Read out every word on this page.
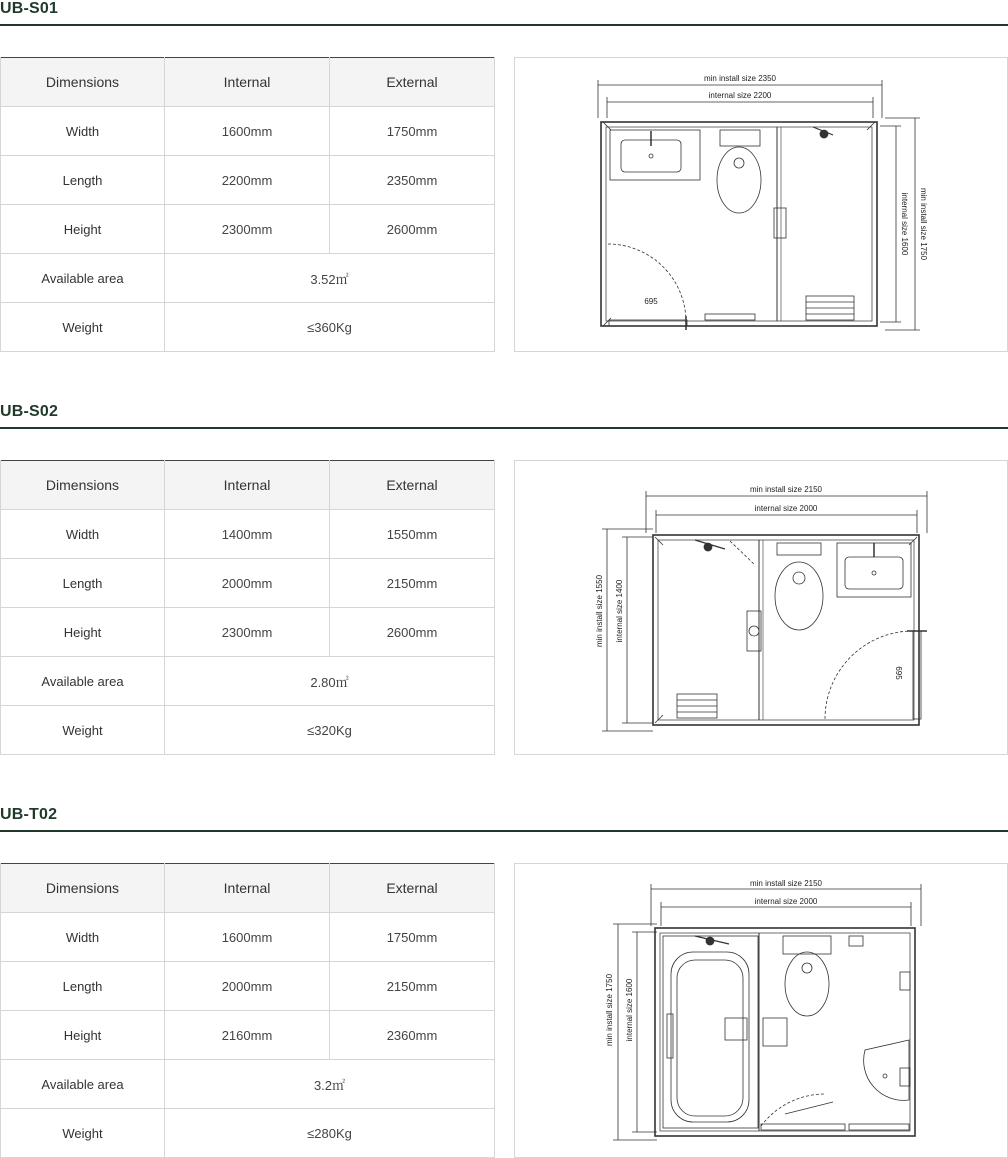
UB-S01
Dimensions	Internal	External
Width	1600mm	1750mm
Length	2200mm	2350mm
Height	2300mm	2600mm
Available area	3.52㎡	
Weight	≤360Kg	
min install size 2350
internal size 2200
min install size 1750
internal size 1600
695
UB-S02
Dimensions	Internal	External
Width	1400mm	1550mm
Length	2000mm	2150mm
Height	2300mm	2600mm
Available area	2.80㎡	
Weight	≤320Kg	
min install size 2150
internal size 2000
min install size 1550 internal size 1400
695
UB-T02
Dimensions	Internal	External
Width	1600mm	1750mm
Length	2000mm	2150mm
Height	2160mm	2360mm
Available area	3.2㎡	
Weight	≤280Kg	
min install size 2150
internal size 2000
min install size 1750 internal size 1600
